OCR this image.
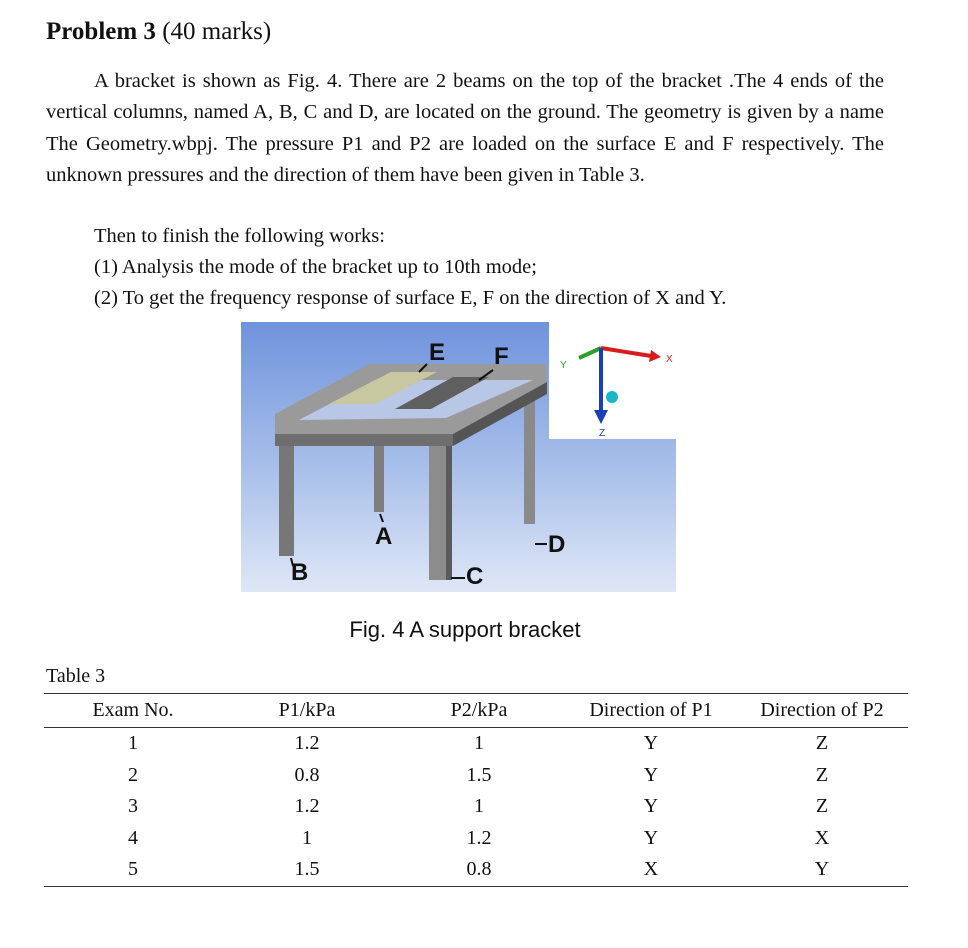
Problem 3 (40 marks)

A bracket is shown as Fig. 4. There are 2 beams on the top of the bracket .The 4 ends of the vertical columns, named A, B, C and D, are located on the ground. The geometry is given by a name The Geometry.wbpj. The pressure P1 and P2 are loaded on the surface E and F respectively. The unknown pressures and the direction of them have been given in Table 3.

Then to finish the following works:
(1) Analysis the mode of the bracket up to 10th mode;
(2) To get the frequency response of surface E, F on the direction of X and Y.
E F
A
B	C
D
X
Y
Z
Fig. 4 A support bracket
Table 3
Exam No.	P1/kPa	P2/kPa	Direction of P1	Direction of P2
1	1.2	1	Y	Z
2	0.8	1.5	Y	Z
3	1.2	1	Y	Z
4	1	1.2	Y	X
5	1.5	0.8	X	Y
